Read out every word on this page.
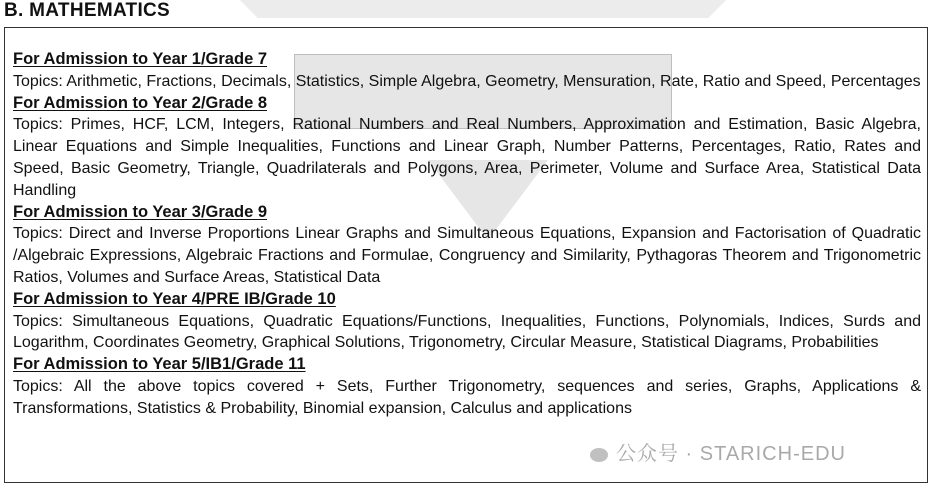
B. MATHEMATICS
For Admission to Year 1/Grade 7
Topics: Arithmetic, Fractions, Decimals, Statistics, Simple Algebra, Geometry, Mensuration, Rate, Ratio and Speed, Percentages
For Admission to Year 2/Grade 8
Topics: Primes, HCF, LCM, Integers, Rational Numbers and Real Numbers, Approximation and Estimation, Basic Algebra, Linear Equations and Simple Inequalities, Functions and Linear Graph, Number Patterns, Percentages, Ratio, Rates and Speed, Basic Geometry, Triangle, Quadrilaterals and Polygons, Area, Perimeter, Volume and Surface Area, Statistical Data Handling
For Admission to Year 3/Grade 9
Topics: Direct and Inverse Proportions Linear Graphs and Simultaneous Equations, Expansion and Factorisation of Quadratic /Algebraic Expressions, Algebraic Fractions and Formulae, Congruency and Similarity, Pythagoras Theorem and Trigonometric Ratios, Volumes and Surface Areas, Statistical Data
For Admission to Year 4/PRE IB/Grade 10
Topics: Simultaneous Equations, Quadratic Equations/Functions, Inequalities, Functions, Polynomials, Indices, Surds and Logarithm, Coordinates Geometry, Graphical Solutions, Trigonometry, Circular Measure, Statistical Diagrams, Probabilities
For Admission to Year 5/IB1/Grade 11
Topics: All the above topics covered + Sets, Further Trigonometry, sequences and series, Graphs, Applications & Transformations, Statistics & Probability, Binomial expansion, Calculus and applications
公众号 · STARICH-EDU
